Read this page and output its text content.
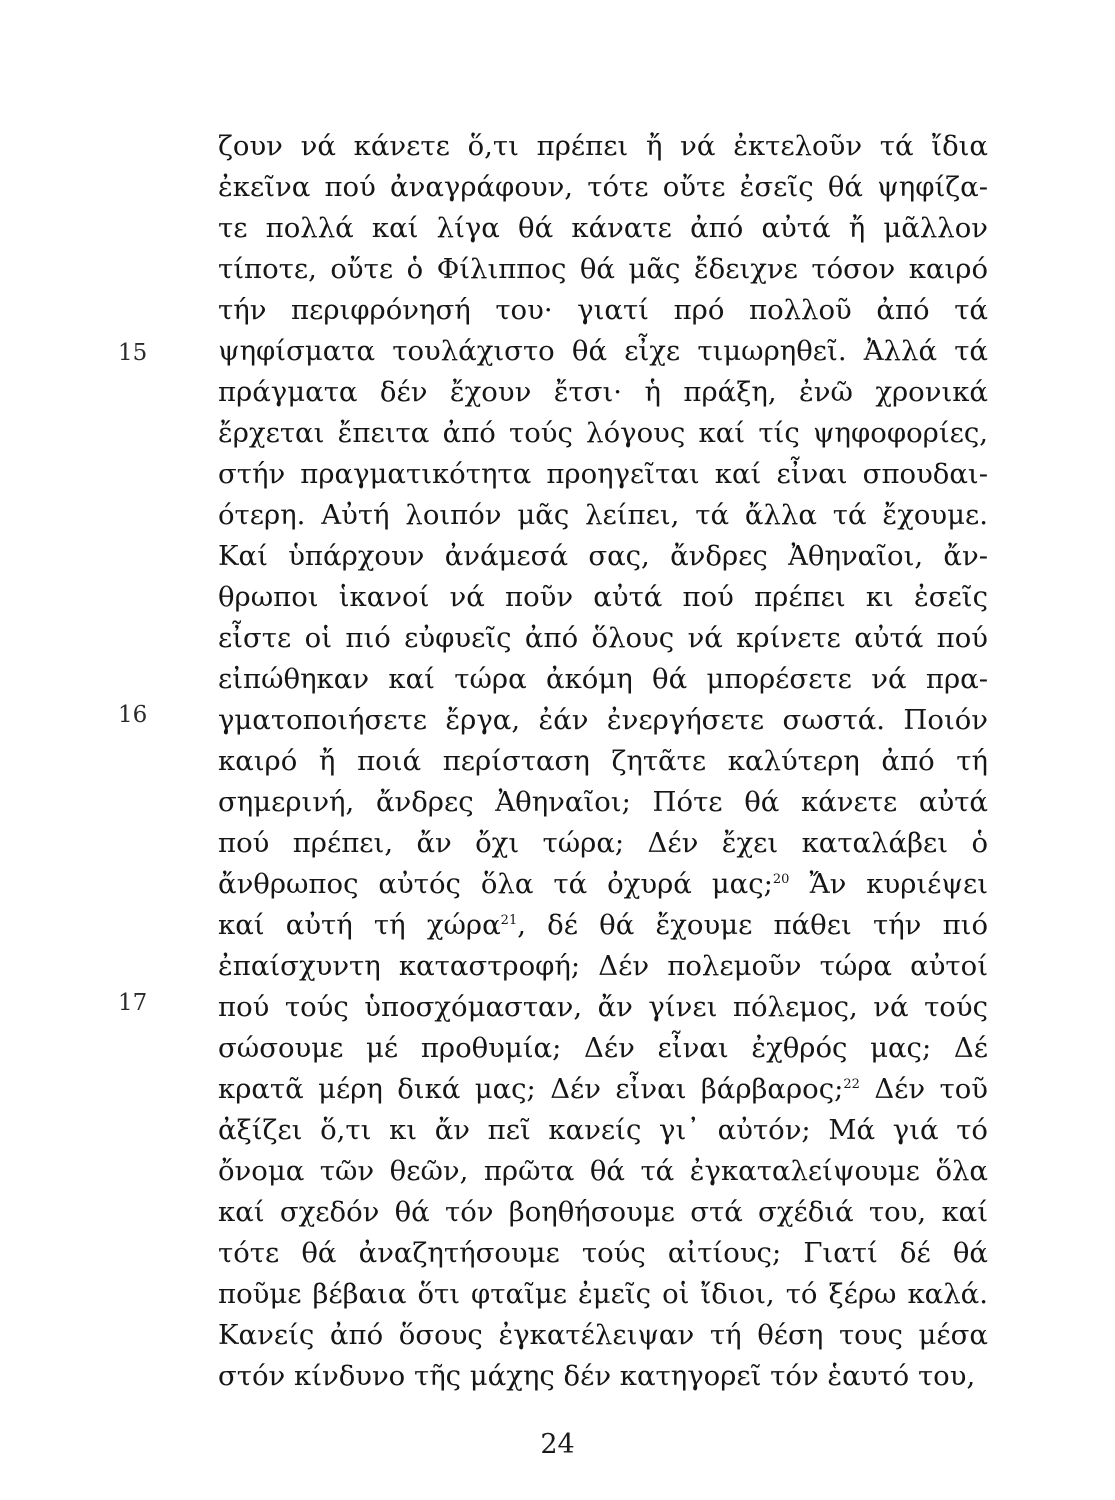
15
16
17
ζουν νά κάνετε ὅ,τι πρέπει ἤ νά ἐκτελοῦν τά ἴδια
ἐκεῖνα πού ἀναγράφουν, τότε οὔτε ἐσεῖς θά ψηφίζα-
τε πολλά καί λίγα θά κάνατε ἀπό αὐτά ἤ μᾶλλον
τίποτε, οὔτε ὁ Φίλιππος θά μᾶς ἔδειχνε τόσον καιρό
τήν περιφρόνησή του· γιατί πρό πολλοῦ ἀπό τά
ψηφίσματα τουλάχιστο θά εἶχε τιμωρηθεῖ. Ἀλλά τά
πράγματα δέν ἔχουν ἔτσι· ἡ πράξη, ἐνῶ χρονικά
ἔρχεται ἔπειτα ἀπό τούς λόγους καί τίς ψηφοφορίες,
στήν πραγματικότητα προηγεῖται καί εἶναι σπουδαι-
ότερη. Αὐτή λοιπόν μᾶς λείπει, τά ἄλλα τά ἔχουμε.
Καί ὑπάρχουν ἀνάμεσά σας, ἄνδρες Ἀθηναῖοι, ἄν-
θρωποι ἱκανοί νά ποῦν αὐτά πού πρέπει κι ἐσεῖς
εἶστε οἱ πιό εὐφυεῖς ἀπό ὅλους νά κρίνετε αὐτά πού
εἰπώθηκαν καί τώρα ἀκόμη θά μπορέσετε νά πρα-
γματοποιήσετε ἔργα, ἐάν ἐνεργήσετε σωστά. Ποιόν
καιρό ἤ ποιά περίσταση ζητᾶτε καλύτερη ἀπό τή
σημερινή, ἄνδρες Ἀθηναῖοι; Πότε θά κάνετε αὐτά
πού πρέπει, ἄν ὄχι τώρα; Δέν ἔχει καταλάβει ὁ
ἄνθρωπος αὐτός ὅλα τά ὀχυρά μας;$^{20}$ Ἄν κυριέψει
καί αὐτή τή χώρα$^{21}$, δέ θά ἔχουμε πάθει τήν πιό
ἐπαίσχυντη καταστροφή; Δέν πολεμοῦν τώρα αὐτοί
πού τούς ὑποσχόμασταν, ἄν γίνει πόλεμος, νά τούς
σώσουμε μέ προθυμία; Δέν εἶναι ἐχθρός μας; Δέ
κρατᾶ μέρη δικά μας; Δέν εἶναι βάρβαρος;$^{22}$ Δέν τοῦ
ἀξίζει ὅ,τι κι ἄν πεῖ κανείς γι᾽ αὐτόν; Μά γιά τό
ὄνομα τῶν θεῶν, πρῶτα θά τά ἐγκαταλείψουμε ὅλα
καί σχεδόν θά τόν βοηθήσουμε στά σχέδιά του, καί
τότε θά ἀναζητήσουμε τούς αἰτίους; Γιατί δέ θά
ποῦμε βέβαια ὅτι φταῖμε ἐμεῖς οἱ ἴδιοι, τό ξέρω καλά.
Κανείς ἀπό ὅσους ἐγκατέλειψαν τή θέση τους μέσα
στόν κίνδυνο τῆς μάχης δέν κατηγορεῖ τόν ἑαυτό του,
24
